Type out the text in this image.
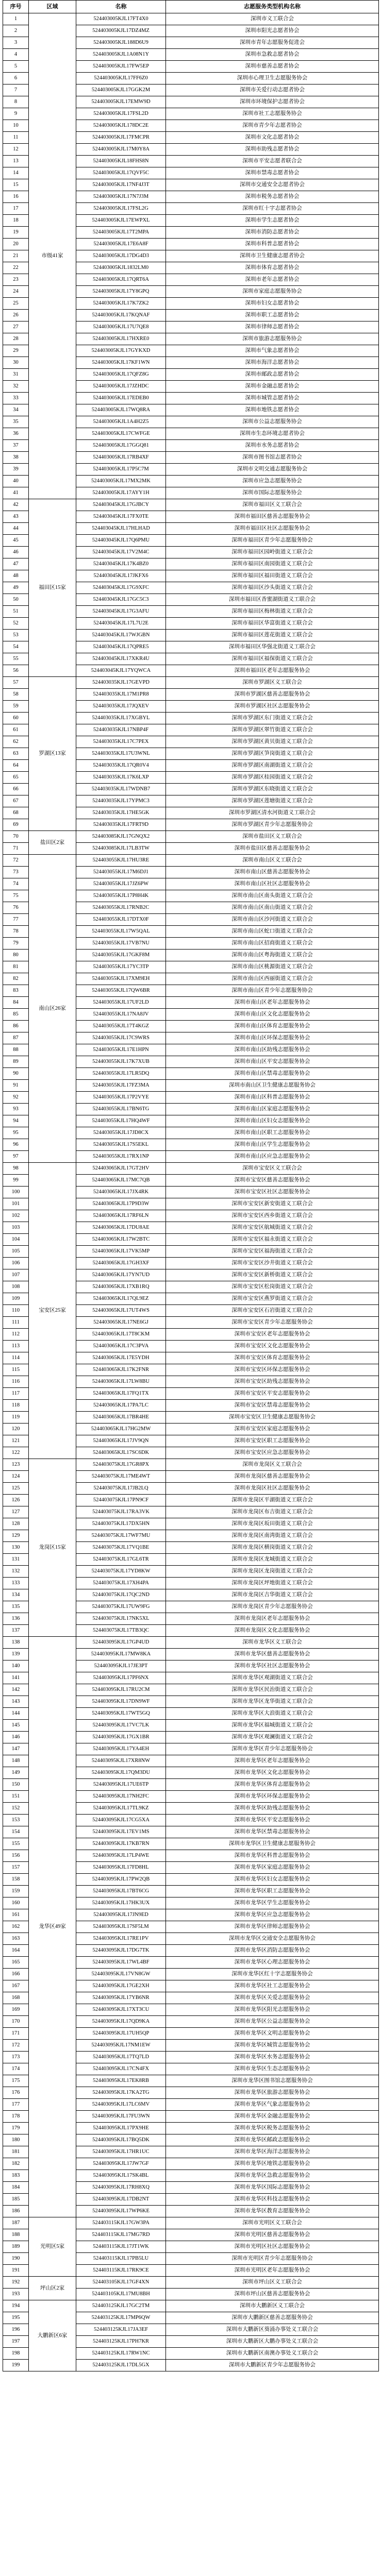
序号	区域	名称	志愿服务类型机构名称
1	市级41家	524403005KJL17FT4X0	深圳市义工联合会
2		524403005KJL17DZ4MZ	深圳市阳光志愿者协会
3		524403005KJL188D6U9	深圳市青年志愿服务促进会
4		524403005KJL1A08N1Y	深圳市急救志愿者协会
5		524403005KJL17FW5EP	深圳市慈善志愿者协会
6		524403005KJL17FF6Z0	深圳市心理卫生志愿服务协会
7		524403005KJL17GGK2M	深圳市关爱行动志愿者协会
8		524403005KJL17EMW9D	深圳市环境保护志愿者协会
9		524403005KJL17FSL2D	深圳市社工志愿服务协会
10		524403005KJL178DC2E	深圳市青少年志愿者协会
11		524403005KJL17FMCPR	深圳市文化志愿者协会
12		524403005KJL17M0Y8A	深圳市助残志愿者协会
13		524403005KJL18FHS8N	深圳市平安志愿者联合会
14		524403005KJL17QVF5C	深圳市禁毒志愿者协会
15		524403005KJL17NF4J3T	深圳市交通安全志愿者协会
16		524403005KJL17N7J3M	深圳市税务志愿者协会
17		524403005KJL17FSL2G	深圳市红十字志愿者协会
18		524403005KJL17EWPXL	深圳市学生志愿者协会
19		524403005KJL17T2MPA	深圳市消防志愿者协会
20		524403005KJL17E6A8F	深圳市科普志愿者协会
21		524403005KJL17DG4D3	深圳市卫生健康志愿者协会
22		524403005KJL1832LM0	深圳市体育志愿者协会
23		524403005KJL17QRT6A	深圳市老年志愿者协会
24		524403005KJL17Y8GPQ	深圳市家庭志愿服务协会
25		524403005KJL17K7ZK2	深圳市妇女志愿者协会
26		524403005KJL17KQNAF	深圳市职工志愿者协会
27		524403005KJL17U7QE8	深圳市律师志愿者协会
28		524403005KJL17HXRE0	深圳市旅游志愿服务协会
29		524403005KJL17GYKXD	深圳市气象志愿者协会
30		524403005KJL17KF1WN	深圳市海洋志愿者协会
31		524403005KJL17QFZ8G	深圳市邮政志愿者协会
32		524403005KJL17JZHDC	深圳市金融志愿者协会
33		524403005KJL17EDEB0	深圳市城管志愿者协会
34		524403005KJL17WQ8RA	深圳市地铁志愿者协会
35		524403005KJL1A4H2Z5	深圳市公益志愿服务协会
36		524403005KJL17CWFGE	深圳市生态环境志愿者协会
37		524403005KJL17GGQ81	深圳市水务志愿者协会
38		524403005KJL17RB4XF	深圳市图书馆志愿者协会
39		524403005KJL17P5C7M	深圳市文明交通志愿服务协会
40		524403005KJL17MX2MK	深圳市应急志愿服务协会
41		524403005KJL17AYY1H	深圳市国际志愿服务协会
42	福田区15家	524403045KJL17GJBCY	深圳市福田区义工联合会
43		524403045KJL17FX0TE	深圳市福田区慈善志愿服务协会
44		524403045KJL17HLHAD	深圳市福田区社区志愿服务协会
45		524403045KJL17Q6PMU	深圳市福田区青少年志愿服务协会
46		524403045KJL17V2M4C	深圳市福田区园岭街道义工联合会
47		524403045KJL17K4BZ0	深圳市福田区南园街道义工联合会
48		524403045KJL17JKFX6	深圳市福田区福田街道义工联合会
49		524403045KJL17G9XFC	深圳市福田区沙头街道义工联合会
50		524403045KJL17GC5C3	深圳市福田区香蜜湖街道义工联合会
51		524403045KJL17G3AFU	深圳市福田区梅林街道义工联合会
52		524403045KJL17L7U2E	深圳市福田区华富街道义工联合会
53		524403045KJL17WJGBN	深圳市福田区莲花街道义工联合会
54		524403045KJL17QPRE5	深圳市福田区华强北街道义工联合会
55		524403045KJL17XKR4U	深圳市福田区福保街道义工联合会
56		524403045KJL17YQWCA	深圳市福田区老年志愿服务协会
57	罗湖区13家	524403035KJL17GEVPD	深圳市罗湖区义工联合会
58		524403035KJL17M1PR8	深圳市罗湖区慈善志愿服务协会
59		524403035KJL17JQXEV	深圳市罗湖区社区志愿服务协会
60		524403035KJL17XGBYL	深圳市罗湖区东门街道义工联合会
61		524403035KJL17NBP4F	深圳市罗湖区翠竹街道义工联合会
62		524403035KJL17C7PEX	深圳市罗湖区黄贝街道义工联合会
63		524403035KJL17U3WNL	深圳市罗湖区笋岗街道义工联合会
64		524403035KJL17QR0V4	深圳市罗湖区南湖街道义工联合会
65		524403035KJL17K6LXP	深圳市罗湖区桂园街道义工联合会
66		524403035KJL17WDNB7	深圳市罗湖区东晓街道义工联合会
67		524403035KJL17YPMC3	深圳市罗湖区莲塘街道义工联合会
68		524403035KJL17HE5GK	深圳市罗湖区清水河街道义工联合会
69		524403035KJL17FRT9D	深圳市罗湖区青少年志愿服务协会
70	盐田区2家	524403085KJL17GNQX2	深圳市盐田区义工联合会
71		524403085KJL17LB3TW	深圳市盐田区慈善志愿服务协会
72	南山区26家	524403055KJL17HU3RE	深圳市南山区义工联合会
73		524403055KJL17M6DJ1	深圳市南山区慈善志愿服务协会
74		524403055KJL17JZ6PW	深圳市南山区社区志愿服务协会
75		524403055KJL17P8H4K	深圳市南山区南头街道义工联合会
76		524403055KJL17RNB2C	深圳市南山区南山街道义工联合会
77		524403055KJL17DTX0F	深圳市南山区沙河街道义工联合会
78		524403055KJL17W5QAL	深圳市南山区蛇口街道义工联合会
79		524403055KJL17VB7NU	深圳市南山区招商街道义工联合会
80		524403055KJL17GKF8M	深圳市南山区粤海街道义工联合会
81		524403055KJL17YC3TP	深圳市南山区桃源街道义工联合会
82		524403055KJL17XM9EH	深圳市南山区西丽街道义工联合会
83		524403055KJL17QW6BR	深圳市南山区青少年志愿服务协会
84		524403055KJL17UF2LD	深圳市南山区老年志愿服务协会
85		524403055KJL17NA8JV	深圳市南山区文化志愿服务协会
86		524403055KJL17T4KGZ	深圳市南山区体育志愿服务协会
87		524403055KJL17C9WRS	深圳市南山区环保志愿服务协会
88		524403055KJL17E1HPN	深圳市南山区助残志愿服务协会
89		524403055KJL17K7XUB	深圳市南山区平安志愿服务协会
90		524403055KJL17LR5DQ	深圳市南山区禁毒志愿服务协会
91		524403055KJL17FZ3MA	深圳市南山区卫生健康志愿服务协会
92		524403055KJL17P2VYE	深圳市南山区科普志愿服务协会
93		524403055KJL17BN6TG	深圳市南山区家庭志愿服务协会
94		524403055KJL17HQ4WF	深圳市南山区妇女志愿服务协会
95		524403055KJL17JD8CX	深圳市南山区职工志愿服务协会
96		524403055KJL17S5EKL	深圳市南山区学生志愿服务协会
97		524403055KJL17RX1NP	深圳市南山区应急志愿服务协会
98	宝安区25家	524403065KJL17GT2HV	深圳市宝安区义工联合会
99		524403065KJL17MC7QB	深圳市宝安区慈善志愿服务协会
100		524403065KJL17JX4RK	深圳市宝安区社区志愿服务协会
101		524403065KJL17P9D3W	深圳市宝安区新安街道义工联合会
102		524403065KJL17RF6LN	深圳市宝安区西乡街道义工联合会
103		524403065KJL17DU8AE	深圳市宝安区航城街道义工联合会
104		524403065KJL17W2BTC	深圳市宝安区福永街道义工联合会
105		524403065KJL17VK5MP	深圳市宝安区福海街道义工联合会
106		524403065KJL17GH3XF	深圳市宝安区沙井街道义工联合会
107		524403065KJL17YN7UD	深圳市宝安区新桥街道义工联合会
108		524403065KJL17XB1RQ	深圳市宝安区松岗街道义工联合会
109		524403065KJL17QL9EZ	深圳市宝安区燕罗街道义工联合会
110		524403065KJL17UT4WS	深圳市宝安区石岩街道义工联合会
111		524403065KJL17NE6GJ	深圳市宝安区青少年志愿服务协会
112		524403065KJL17T8CKM	深圳市宝安区老年志愿服务协会
113		524403065KJL17C3PVA	深圳市宝安区文化志愿服务协会
114		524403065KJL17E5YDH	深圳市宝安区体育志愿服务协会
115		524403065KJL17K2FNR	深圳市宝安区环保志愿服务协会
116		524403065KJL17LW8BU	深圳市宝安区助残志愿服务协会
117		524403065KJL17FQ1TX	深圳市宝安区平安志愿服务协会
118		524403065KJL17PA7LC	深圳市宝安区禁毒志愿服务协会
119		524403065KJL17BR4HE	深圳市宝安区卫生健康志愿服务协会
120		524403065KJL17HG2MW	深圳市宝安区家庭志愿服务协会
121		524403065KJL17JV9QN	深圳市宝安区职工志愿服务协会
122		524403065KJL17SC6DK	深圳市宝安区应急志愿服务协会
123	龙岗区15家	524403075KJL17GR8PX	深圳市龙岗区义工联合会
124		524403075KJL17ME4WT	深圳市龙岗区慈善志愿服务协会
125		524403075KJL17JB2LQ	深圳市龙岗区社区志愿服务协会
126		524403075KJL17PN9CF	深圳市龙岗区平湖街道义工联合会
127		524403075KJL17RA3VK	深圳市龙岗区布吉街道义工联合会
128		524403075KJL17DX5HN	深圳市龙岗区坂田街道义工联合会
129		524403075KJL17WF7MU	深圳市龙岗区南湾街道义工联合会
130		524403075KJL17VQ1BE	深圳市龙岗区横岗街道义工联合会
131		524403075KJL17GL6TR	深圳市龙岗区龙城街道义工联合会
132		524403075KJL17YD8KW	深圳市龙岗区龙岗街道义工联合会
133		524403075KJL17XH4PA	深圳市龙岗区坪地街道义工联合会
134		524403075KJL17QC2ND	深圳市龙岗区吉华街道义工联合会
135		524403075KJL17UW9FG	深圳市龙岗区青少年志愿服务协会
136		524403075KJL17NK5XL	深圳市龙岗区老年志愿服务协会
137		524403075KJL17TB3QC	深圳市龙岗区文化志愿服务协会
138	龙华区49家	524403095KJL17GP4UD	深圳市龙华区义工联合会
139		524403095KJL17MW8KA	深圳市龙华区慈善志愿服务协会
140		524403095KJL17JE3PT	深圳市龙华区社区志愿服务协会
141		524403095KJL17PF6NX	深圳市龙华区观湖街道义工联合会
142		524403095KJL17RU2CM	深圳市龙华区民治街道义工联合会
143		524403095KJL17DN9WF	深圳市龙华区龙华街道义工联合会
144		524403095KJL17WT5GQ	深圳市龙华区大浪街道义工联合会
145		524403095KJL17VC7LK	深圳市龙华区福城街道义工联合会
146		524403095KJL17GX1BR	深圳市龙华区观澜街道义工联合会
147		524403095KJL17YA4EH	深圳市龙华区青少年志愿服务协会
148		524403095KJL17XR8NW	深圳市龙华区老年志愿服务协会
149		524403095KJL17QM3DU	深圳市龙华区文化志愿服务协会
150		524403095KJL17UE6TP	深圳市龙华区体育志愿服务协会
151		524403095KJL17NH2FC	深圳市龙华区环保志愿服务协会
152		524403095KJL17TL9KZ	深圳市龙华区助残志愿服务协会
153		524403095KJL17CG5XA	深圳市龙华区平安志愿服务协会
154		524403095KJL17EV1MS	深圳市龙华区禁毒志愿服务协会
155		524403095KJL17KB7RN	深圳市龙华区卫生健康志愿服务协会
156		524403095KJL17LP4WE	深圳市龙华区科普志愿服务协会
157		524403095KJL17FD8HL	深圳市龙华区家庭志愿服务协会
158		524403095KJL17PW2QB	深圳市龙华区妇女志愿服务协会
159		524403095KJL17BT6CG	深圳市龙华区职工志愿服务协会
160		524403095KJL17HK3UX	深圳市龙华区学生志愿服务协会
161		524403095KJL17JN9ED	深圳市龙华区应急志愿服务协会
162		524403095KJL17SF5LM	深圳市龙华区律师志愿服务协会
163		524403095KJL17RE1PV	深圳市龙华区交通安全志愿服务协会
164		524403095KJL17DG7TK	深圳市龙华区消防志愿服务协会
165		524403095KJL17WL4BF	深圳市龙华区心理志愿服务协会
166		524403095KJL17VN8GW	深圳市龙华区红十字志愿服务协会
167		524403095KJL17GE2XH	深圳市龙华区社工志愿服务协会
168		524403095KJL17YB6NR	深圳市龙华区关爱志愿服务协会
169		524403095KJL17XT3CU	深圳市龙华区阳光志愿服务协会
170		524403095KJL17QD9KA	深圳市龙华区公益志愿服务协会
171		524403095KJL17UH5QP	深圳市龙华区文明志愿服务协会
172		524403095KJL17NM1EW	深圳市龙华区城管志愿服务协会
173		524403095KJL17TQ7LD	深圳市龙华区水务志愿服务协会
174		524403095KJL17CN4FX	深圳市龙华区生态志愿服务协会
175		524403095KJL17EK8RB	深圳市龙华区图书馆志愿服务协会
176		524403095KJL17KA2TG	深圳市龙华区旅游志愿服务协会
177		524403095KJL17LC6MV	深圳市龙华区气象志愿服务协会
178		524403095KJL17FU3WN	深圳市龙华区金融志愿服务协会
179		524403095KJL17PX9HE	深圳市龙华区税务志愿服务协会
180		524403095KJL17BQ5DK	深圳市龙华区邮政志愿服务协会
181		524403095KJL17HR1UC	深圳市龙华区海洋志愿服务协会
182		524403095KJL17JW7GF	深圳市龙华区地铁志愿服务协会
183		524403095KJL17SK4BL	深圳市龙华区急救志愿服务协会
184		524403095KJL17RH8XQ	深圳市龙华区国际志愿服务协会
185		524403095KJL17DB2NT	深圳市龙华区科技志愿服务协会
186		524403095KJL17WP6KE	深圳市龙华区教育志愿服务协会
187	光明区5家	524403115KJL17GW3PA	深圳市光明区义工联合会
188		524403115KJL17MG7RD	深圳市光明区慈善志愿服务协会
189		524403115KJL17JT1WK	深圳市光明区社区志愿服务协会
190		524403115KJL17PB5LU	深圳市光明区青少年志愿服务协会
191		524403115KJL17RK9CE	深圳市光明区老年志愿服务协会
192	坪山区2家	524403105KJL17GF4XN	深圳市坪山区义工联合会
193		524403105KJL17MU8BH	深圳市坪山区慈善志愿服务协会
194	大鹏新区6家	524403125KJL17GC2TM	深圳市大鹏新区义工联合会
195		524403125KJL17MP6QW	深圳市大鹏新区慈善志愿服务协会
196		524403125KJL17JA3EF	深圳市大鹏新区葵涌办事处义工联合会
197		524403125KJL17PH7KR	深圳市大鹏新区大鹏办事处义工联合会
198		524403125KJL17RW1NC	深圳市大鹏新区南澳办事处义工联合会
199		524403125KJL17DL5GX	深圳市大鹏新区青少年志愿服务协会
